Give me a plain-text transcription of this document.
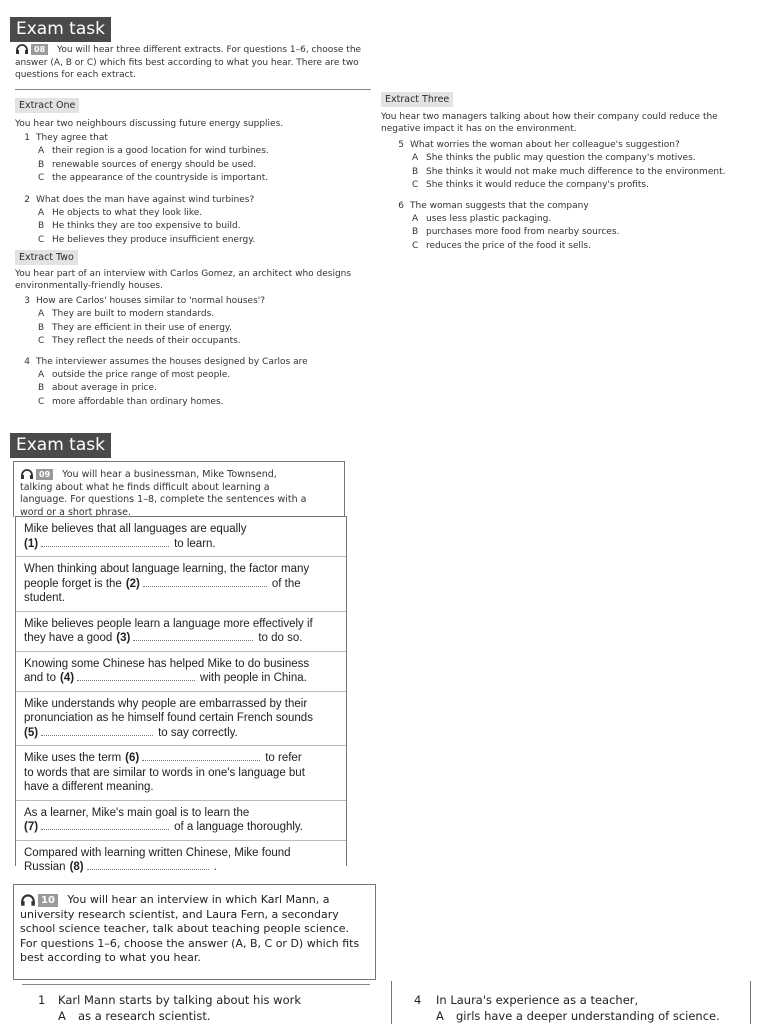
Exam task
08 You will hear three different extracts. For questions 1–6, choose the
answer (A, B or C) which fits best according to what you hear. There are two
questions for each extract.
Extract One
You hear two neighbours discussing future energy supplies.
1 They agree that
A their region is a good location for wind turbines.
B renewable sources of energy should be used.
C the appearance of the countryside is important.
2 What does the man have against wind turbines?
A He objects to what they look like.
B He thinks they are too expensive to build.
C He believes they produce insufficient energy.
Extract Two
You hear part of an interview with Carlos Gomez, an architect who designs
environmentally-friendly houses.
3 How are Carlos' houses similar to 'normal houses'?
A They are built to modern standards.
B They are efficient in their use of energy.
C They reflect the needs of their occupants.
4 The interviewer assumes the houses designed by Carlos are
A outside the price range of most people.
B about average in price.
C more affordable than ordinary homes.
Extract Three
You hear two managers talking about how their company could reduce the
negative impact it has on the environment.
5 What worries the woman about her colleague's suggestion?
A She thinks the public may question the company's motives.
B She thinks it would not make much difference to the environment.
C She thinks it would reduce the company's profits.
6 The woman suggests that the company
A uses less plastic packaging.
B purchases more food from nearby sources.
C reduces the price of the food it sells.
Exam task
09 You will hear a businessman, Mike Townsend,
talking about what he finds difficult about learning a
language. For questions 1–8, complete the sentences with a
word or a short phrase.
Mike believes that all languages are equally
(1)	to learn.
When thinking about language learning, the factor many
people forget is the (2)	of the
student.
Mike believes people learn a language more effectively if
they have a good (3)	to do so.
Knowing some Chinese has helped Mike to do business
and to (4)	with people in China.
Mike understands why people are embarrassed by their
pronunciation as he himself found certain French sounds
(5)	to say correctly.
Mike uses the term (6)	to refer
to words that are similar to words in one's language but
have a different meaning.
As a learner, Mike's main goal is to learn the
(7)	of a language thoroughly.
Compared with learning written Chinese, Mike found
Russian (8)	.
10 You will hear an interview in which Karl Mann, a
university research scientist, and Laura Fern, a secondary
school science teacher, talk about teaching people science.
For questions 1–6, choose the answer (A, B, C or D) which fits
best according to what you hear.
1 Karl Mann starts by talking about his work
A as a research scientist.
4 In Laura's experience as a teacher,
A girls have a deeper understanding of science.
